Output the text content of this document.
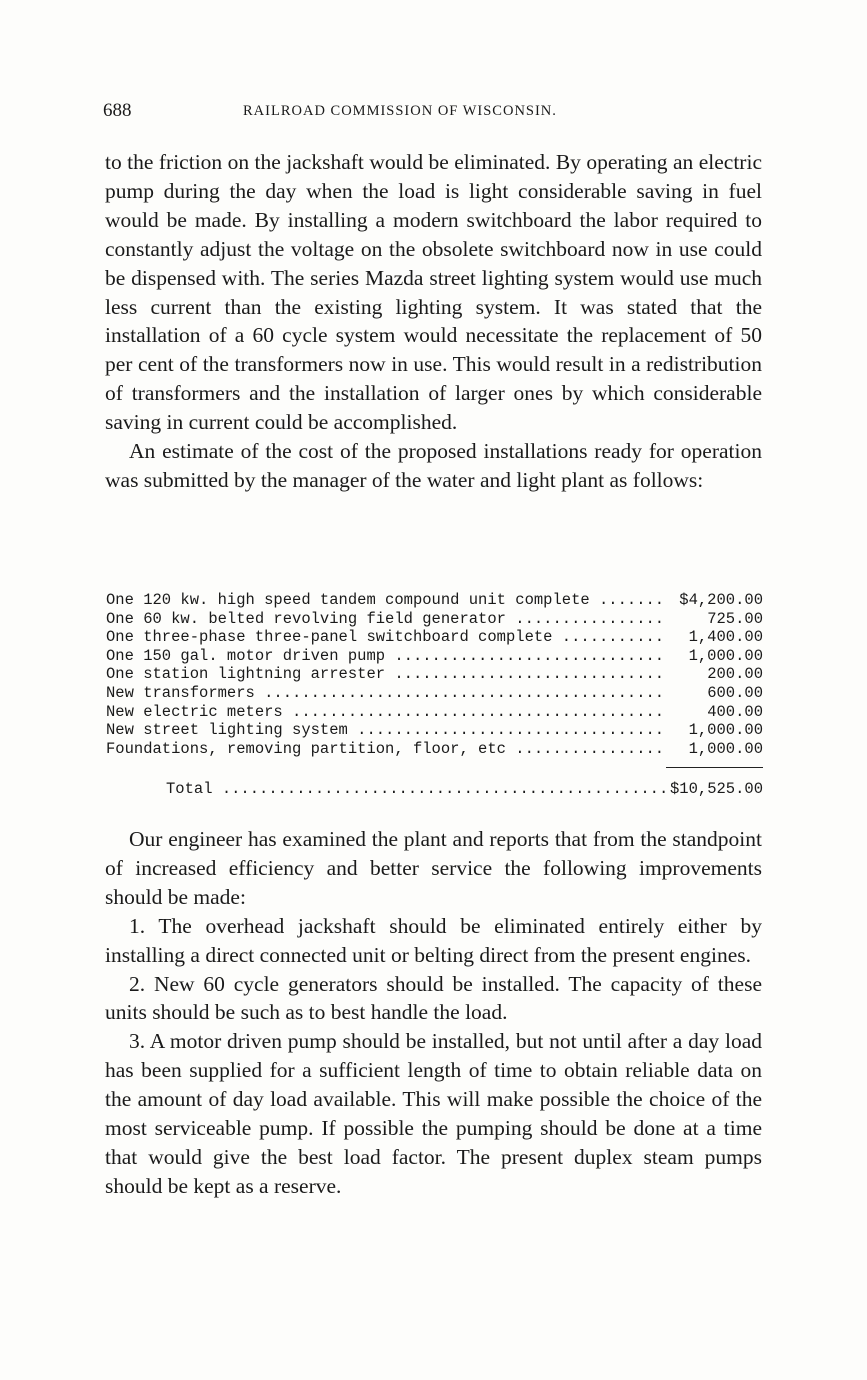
688	RAILROAD COMMISSION OF WISCONSIN.

to the friction on the jackshaft would be eliminated. By operating an electric pump during the day when the load is light considerable saving in fuel would be made. By installing a modern switchboard the labor required to constantly adjust the voltage on the obsolete switchboard now in use could be dispensed with. The series Mazda street lighting system would use much less current than the existing lighting system. It was stated that the installation of a 60 cycle system would necessitate the replacement of 50 per cent of the transformers now in use. This would result in a redistribution of transformers and the installation of larger ones by which considerable saving in current could be accomplished.

An estimate of the cost of the proposed installations ready for operation was submitted by the manager of the water and light plant as follows:

One 120 kw. high speed tandem compound unit complete .....	$4,200.00
One 60 kw. belted revolving field generator .....	725.00
One three-phase three-panel switchboard complete .....	1,400.00
One 150 gal. motor driven pump .....	1,000.00
One station lightning arrester .....	200.00
New transformers .....	600.00
New electric meters .....	400.00
New street lighting system .....	1,000.00
Foundations, removing partition, floor, etc .....	1,000.00
Total .....	$10,525.00

Our engineer has examined the plant and reports that from the standpoint of increased efficiency and better service the following improvements should be made:

1. The overhead jackshaft should be eliminated entirely either by installing a direct connected unit or belting direct from the present engines.

2. New 60 cycle generators should be installed. The capacity of these units should be such as to best handle the load.

3. A motor driven pump should be installed, but not until after a day load has been supplied for a sufficient length of time to obtain reliable data on the amount of day load available. This will make possible the choice of the most serviceable pump. If possible the pumping should be done at a time that would give the best load factor. The present duplex steam pumps should be kept as a reserve.
